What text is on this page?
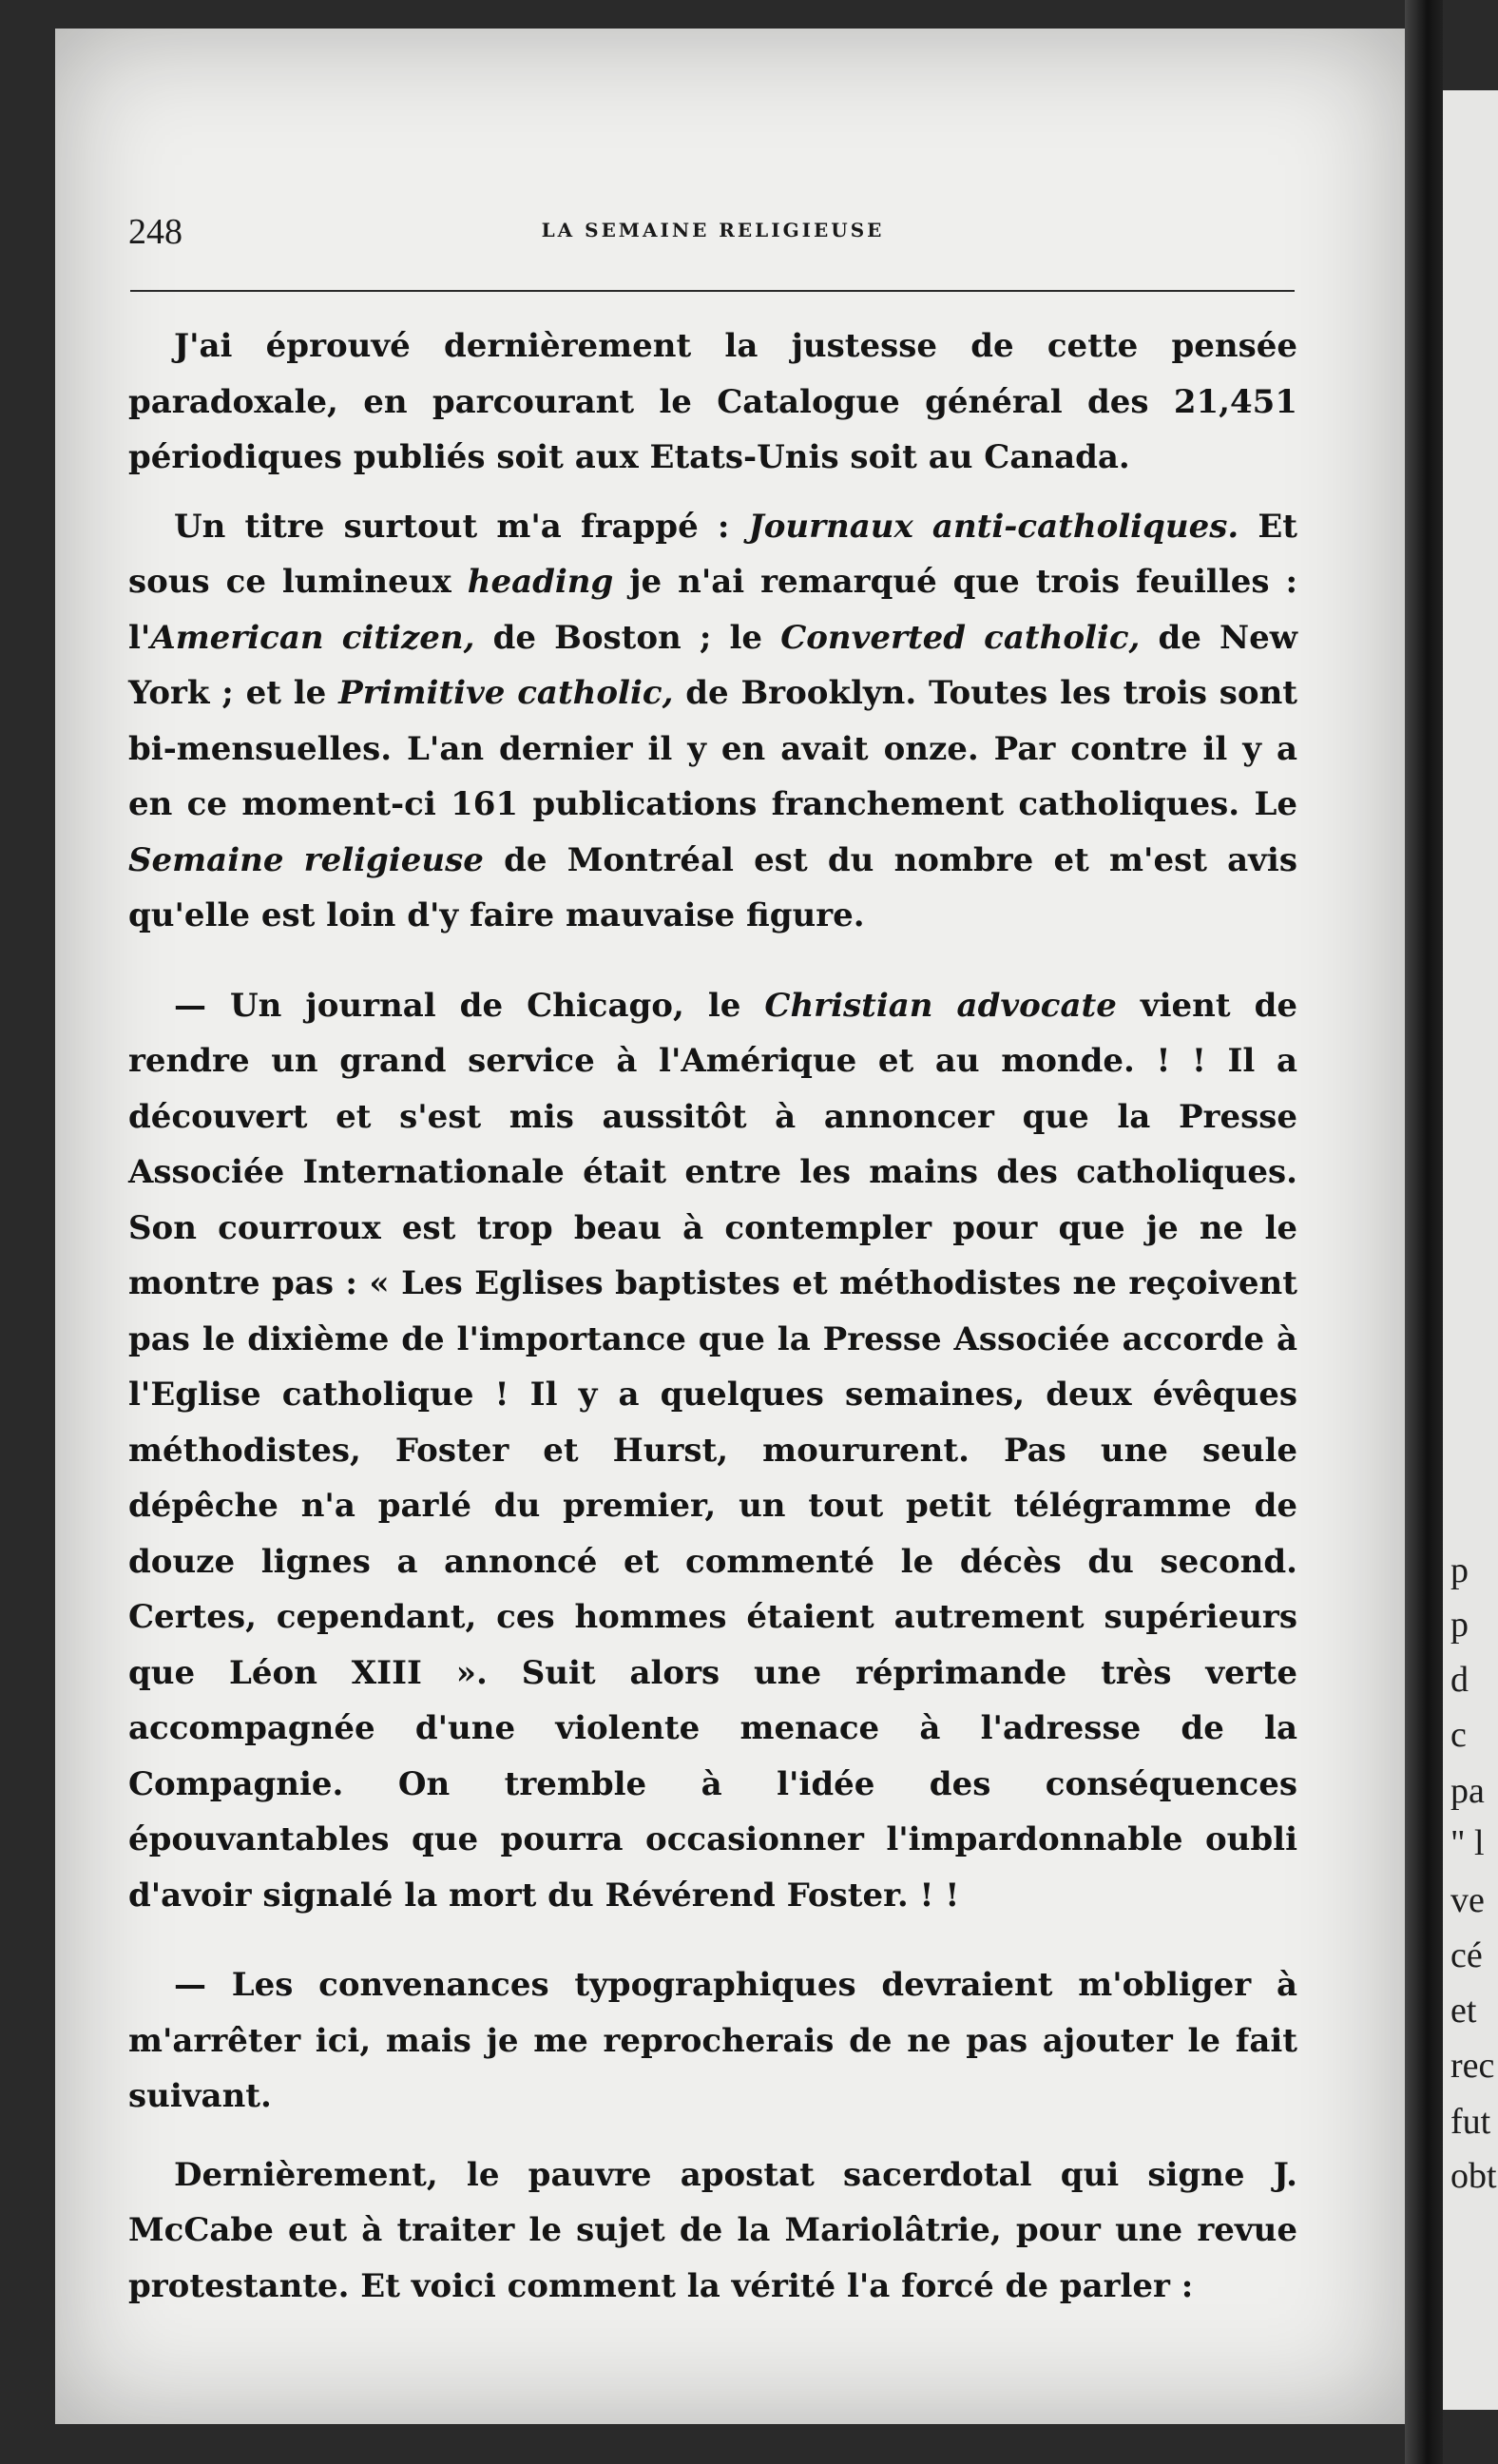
p
p
d
c
pa
" l
ve
cé
et
rec
fut
obt
248	LA SEMAINE RELIGIEUSE

J'ai éprouvé dernièrement la justesse de cette pensée paradoxale, en parcourant le Catalogue général des 21,451 périodiques publiés soit aux Etats-Unis soit au Canada.

Un titre surtout m'a frappé : Journaux anti-catholiques. Et sous ce lumineux heading je n'ai remarqué que trois feuilles : l'American citizen, de Boston ; le Converted catholic, de New York ; et le Primitive catholic, de Brooklyn. Toutes les trois sont bi-mensuelles. L'an dernier il y en avait onze. Par contre il y a en ce moment-ci 161 publications franchement catholiques. Le Semaine religieuse de Montréal est du nombre et m'est avis qu'elle est loin d'y faire mauvaise figure.

— Un journal de Chicago, le Christian advocate vient de rendre un grand service à l'Amérique et au monde. ! ! Il a découvert et s'est mis aussitôt à annoncer que la Presse Associée Internationale était entre les mains des catholiques. Son courroux est trop beau à contempler pour que je ne le montre pas : « Les Eglises baptistes et méthodistes ne reçoivent pas le dixième de l'importance que la Presse Associée accorde à l'Eglise catholique ! Il y a quelques semaines, deux évêques méthodistes, Foster et Hurst, moururent. Pas une seule dépêche n'a parlé du premier, un tout petit télégramme de douze lignes a annoncé et commenté le décès du second. Certes, cependant, ces hommes étaient autrement supérieurs que Léon XIII ». Suit alors une réprimande très verte accompagnée d'une violente menace à l'adresse de la Compagnie. On tremble à l'idée des conséquences épouvantables que pourra occasionner l'impardonnable oubli d'avoir signalé la mort du Révérend Foster. ! !

— Les convenances typographiques devraient m'obliger à m'arrêter ici, mais je me reprocherais de ne pas ajouter le fait suivant.

Dernièrement, le pauvre apostat sacerdotal qui signe J. McCabe eut à traiter le sujet de la Mariolâtrie, pour une revue protestante. Et voici comment la vérité l'a forcé de parler :
